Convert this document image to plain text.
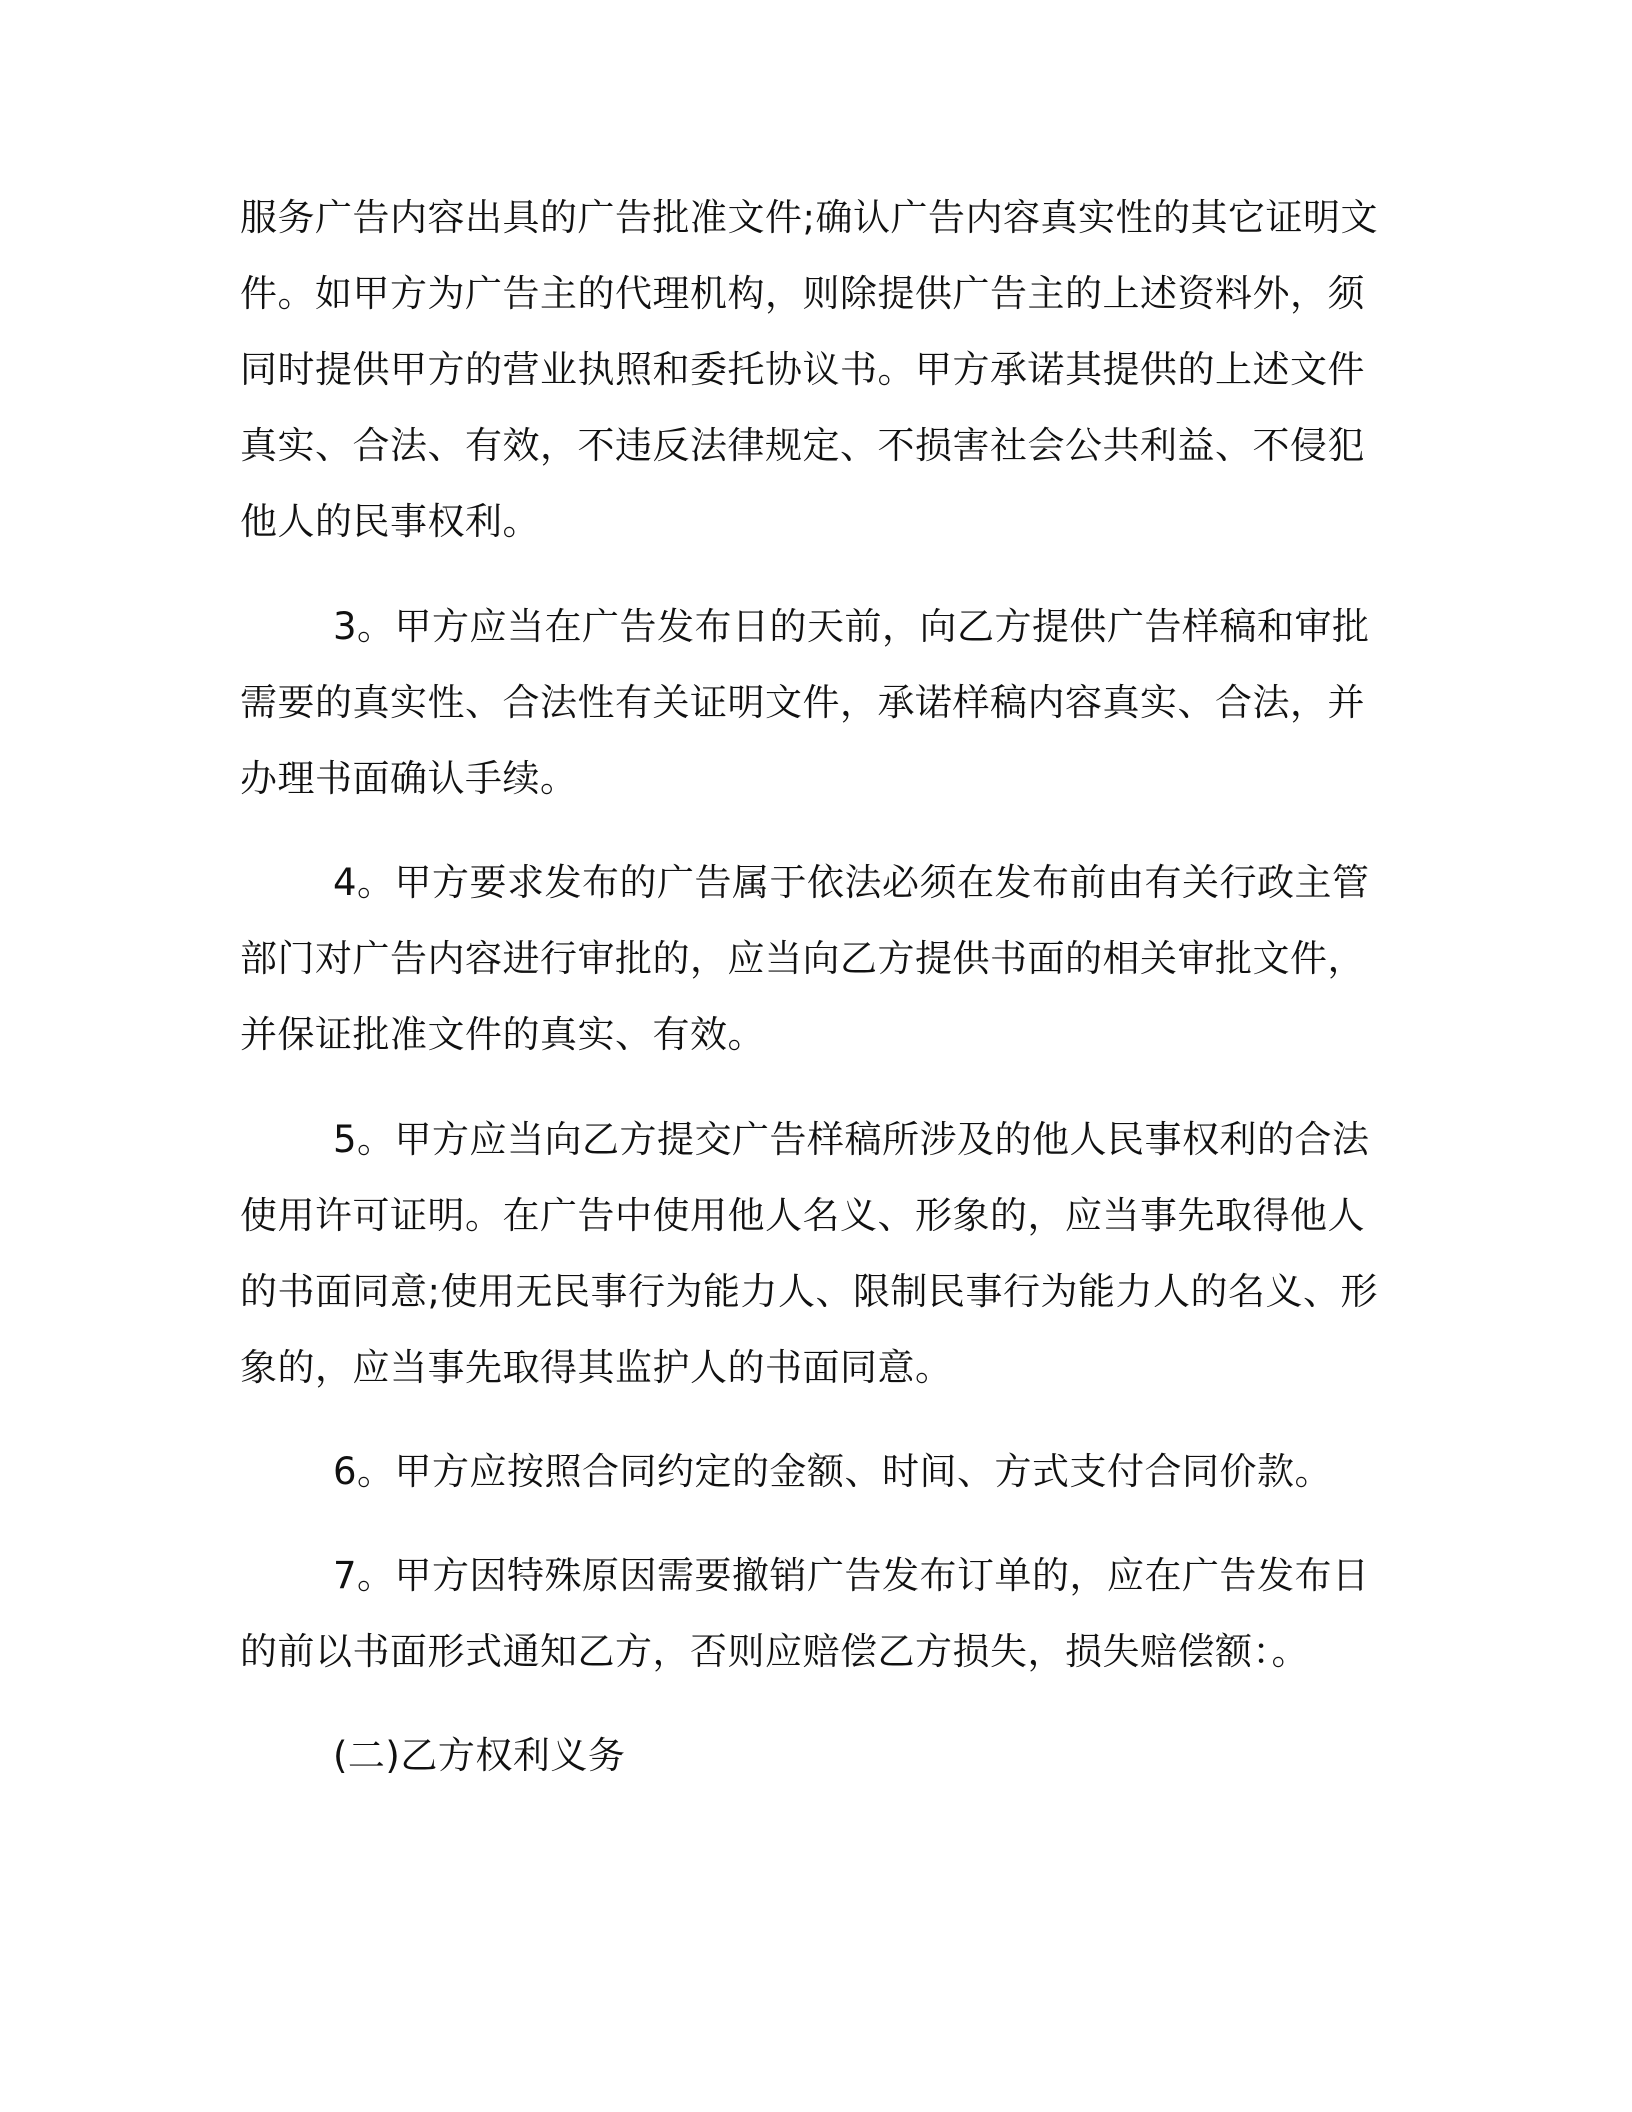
服务广告内容出具的广告批准文件;确认广告内容真实性的其它证明文
件。如甲方为广告主的代理机构，则除提供广告主的上述资料外，须
同时提供甲方的营业执照和委托协议书。甲方承诺其提供的上述文件
真实、合法、有效，不违反法律规定、不损害社会公共利益、不侵犯
他人的民事权利。
3。甲方应当在广告发布日的天前，向乙方提供广告样稿和审批
需要的真实性、合法性有关证明文件，承诺样稿内容真实、合法，并
办理书面确认手续。
4。甲方要求发布的广告属于依法必须在发布前由有关行政主管
部门对广告内容进行审批的，应当向乙方提供书面的相关审批文件，
并保证批准文件的真实、有效。
5。甲方应当向乙方提交广告样稿所涉及的他人民事权利的合法
使用许可证明。在广告中使用他人名义、形象的，应当事先取得他人
的书面同意;使用无民事行为能力人、限制民事行为能力人的名义、形
象的，应当事先取得其监护人的书面同意。
6。甲方应按照合同约定的金额、时间、方式支付合同价款。
7。甲方因特殊原因需要撤销广告发布订单的，应在广告发布日
的前以书面形式通知乙方，否则应赔偿乙方损失，损失赔偿额：。
(二)乙方权利义务
